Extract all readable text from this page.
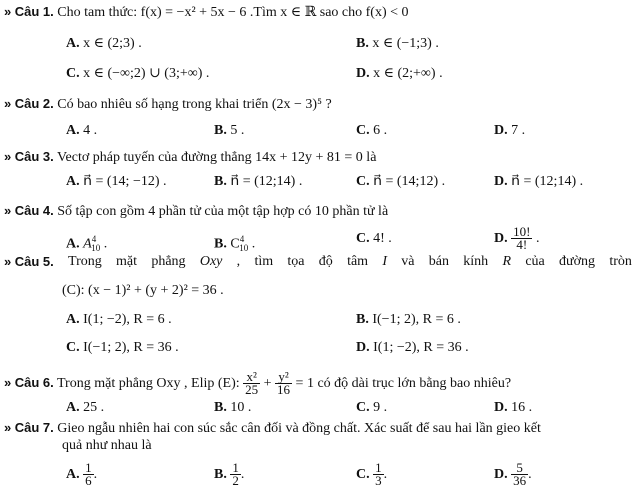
» Câu 1. Cho tam thức: f(x) = −x² + 5x − 6 .Tìm x ∈ ℝ sao cho f(x) < 0
A. x ∈ (2;3) .	B. x ∈ (−1;3) .
C. x ∈ (−∞;2) ∪ (3;+∞) .	D. x ∈ (2;+∞) .
» Câu 2. Có bao nhiêu số hạng trong khai triển (2x − 3)⁵ ?
A. 4 .	B. 5 .	C. 6 .	D. 7 .
» Câu 3. Vectơ pháp tuyến của đường thẳng 14x + 12y + 81 = 0 là
A. n⃗ = (14; −12) .	B. n⃗ = (12;14) .	C. n⃗ = (14;12) .	D. n⃗ = (12;14) .
» Câu 4. Số tập con gồm 4 phần tử của một tập hợp có 10 phần tử là
A. $A^4_{10}$ .	B. $C^4_{10}$ .	C. 4! .	D. $\frac{10!}{4!}$ .
» Câu 5. Trong mặt phẳng Oxy , tìm tọa độ tâm I và bán kính R của đường tròn
(C): (x − 1)² + (y + 2)² = 36 .
A. I(1; −2), R = 6 .	B. I(−1; 2), R = 6 .
C. I(−1; 2), R = 36 .	D. I(1; −2), R = 36 .
» Câu 6. Trong mặt phẳng Oxy , Elip (E): $\frac{\text{x²}}{25} + \frac{\text{y²}}{16} = 1$ có độ dài trục lớn bằng bao nhiêu?
A. 25 .	B. 10 .	C. 9 .	D. 16 .
» Câu 7. Gieo ngẫu nhiên hai con súc sắc cân đối và đồng chất. Xác suất để sau hai lần gieo kết
quả như nhau là
A. $\frac{1}{6}$ .	B. $\frac{1}{2}$ .	C. $\frac{1}{3}$ .	D. $\frac{5}{36}$ .
